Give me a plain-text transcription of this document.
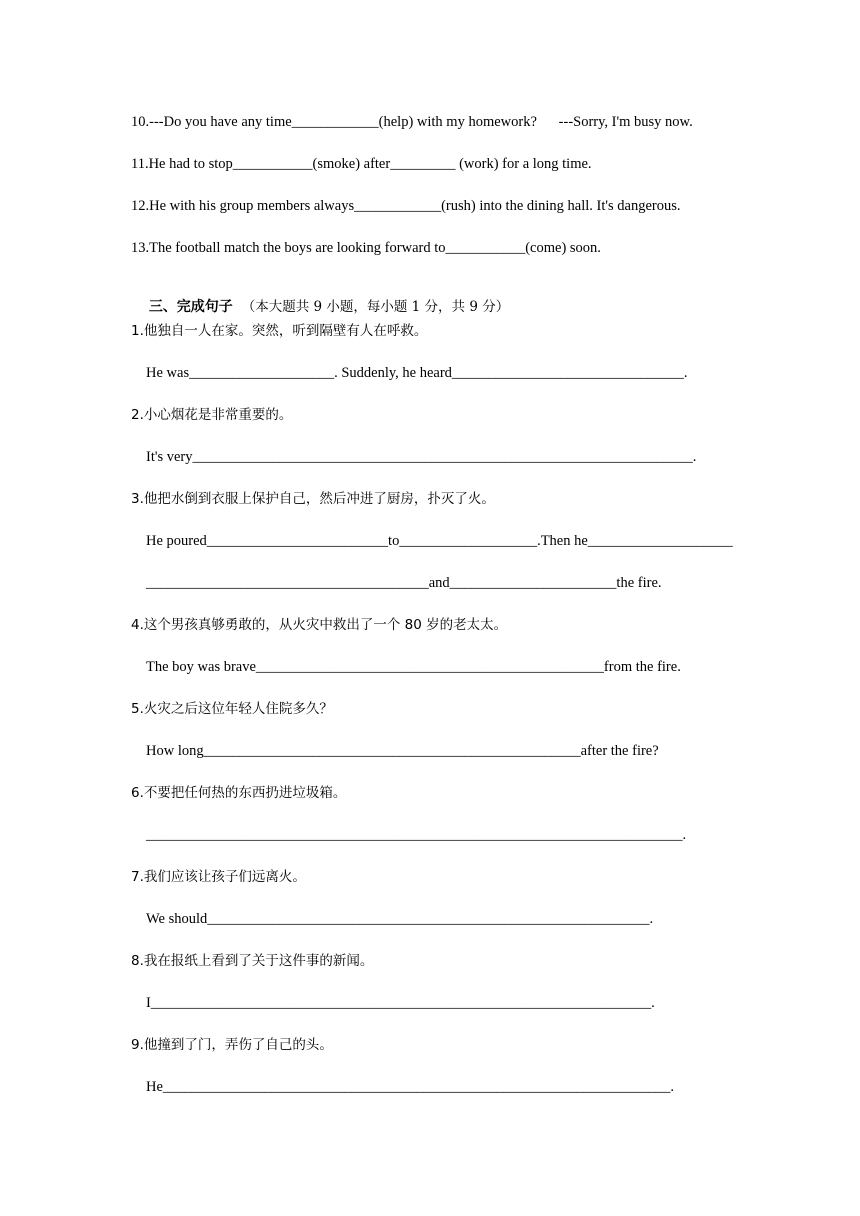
10.---Do you have any time____________(help) with my homework?      ---Sorry, I'm busy now.
11.He had to stop___________(smoke) after_________ (work) for a long time.
12.He with his group members always____________(rush) into the dining hall. It's dangerous.
13.The football match the boys are looking forward to___________(come) soon.

三、完成句子 （本大题共 9 小题，每小题 1 分，共 9 分）

1.他独自一人在家。突然，听到隔壁有人在呼救。
He was____________________. Suddenly, he heard________________________________.
2.小心烟花是非常重要的。
It's very_____________________________________________________________________.
3.他把水倒到衣服上保护自己，然后冲进了厨房，扑灭了火。
He poured_________________________to___________________.Then he____________________
_______________________________________and_______________________the fire.
4.这个男孩真够勇敢的，从火灾中救出了一个 80 岁的老太太。
The boy was brave________________________________________________from the fire.
5.火灾之后这位年轻人住院多久？
How long____________________________________________________after the fire?
6.不要把任何热的东西扔进垃圾箱。
__________________________________________________________________________.
7.我们应该让孩子们远离火。
We should_____________________________________________________________.
8.我在报纸上看到了关于这件事的新闻。
I_____________________________________________________________________.
9.他撞到了门，弄伤了自己的头。
He______________________________________________________________________.
